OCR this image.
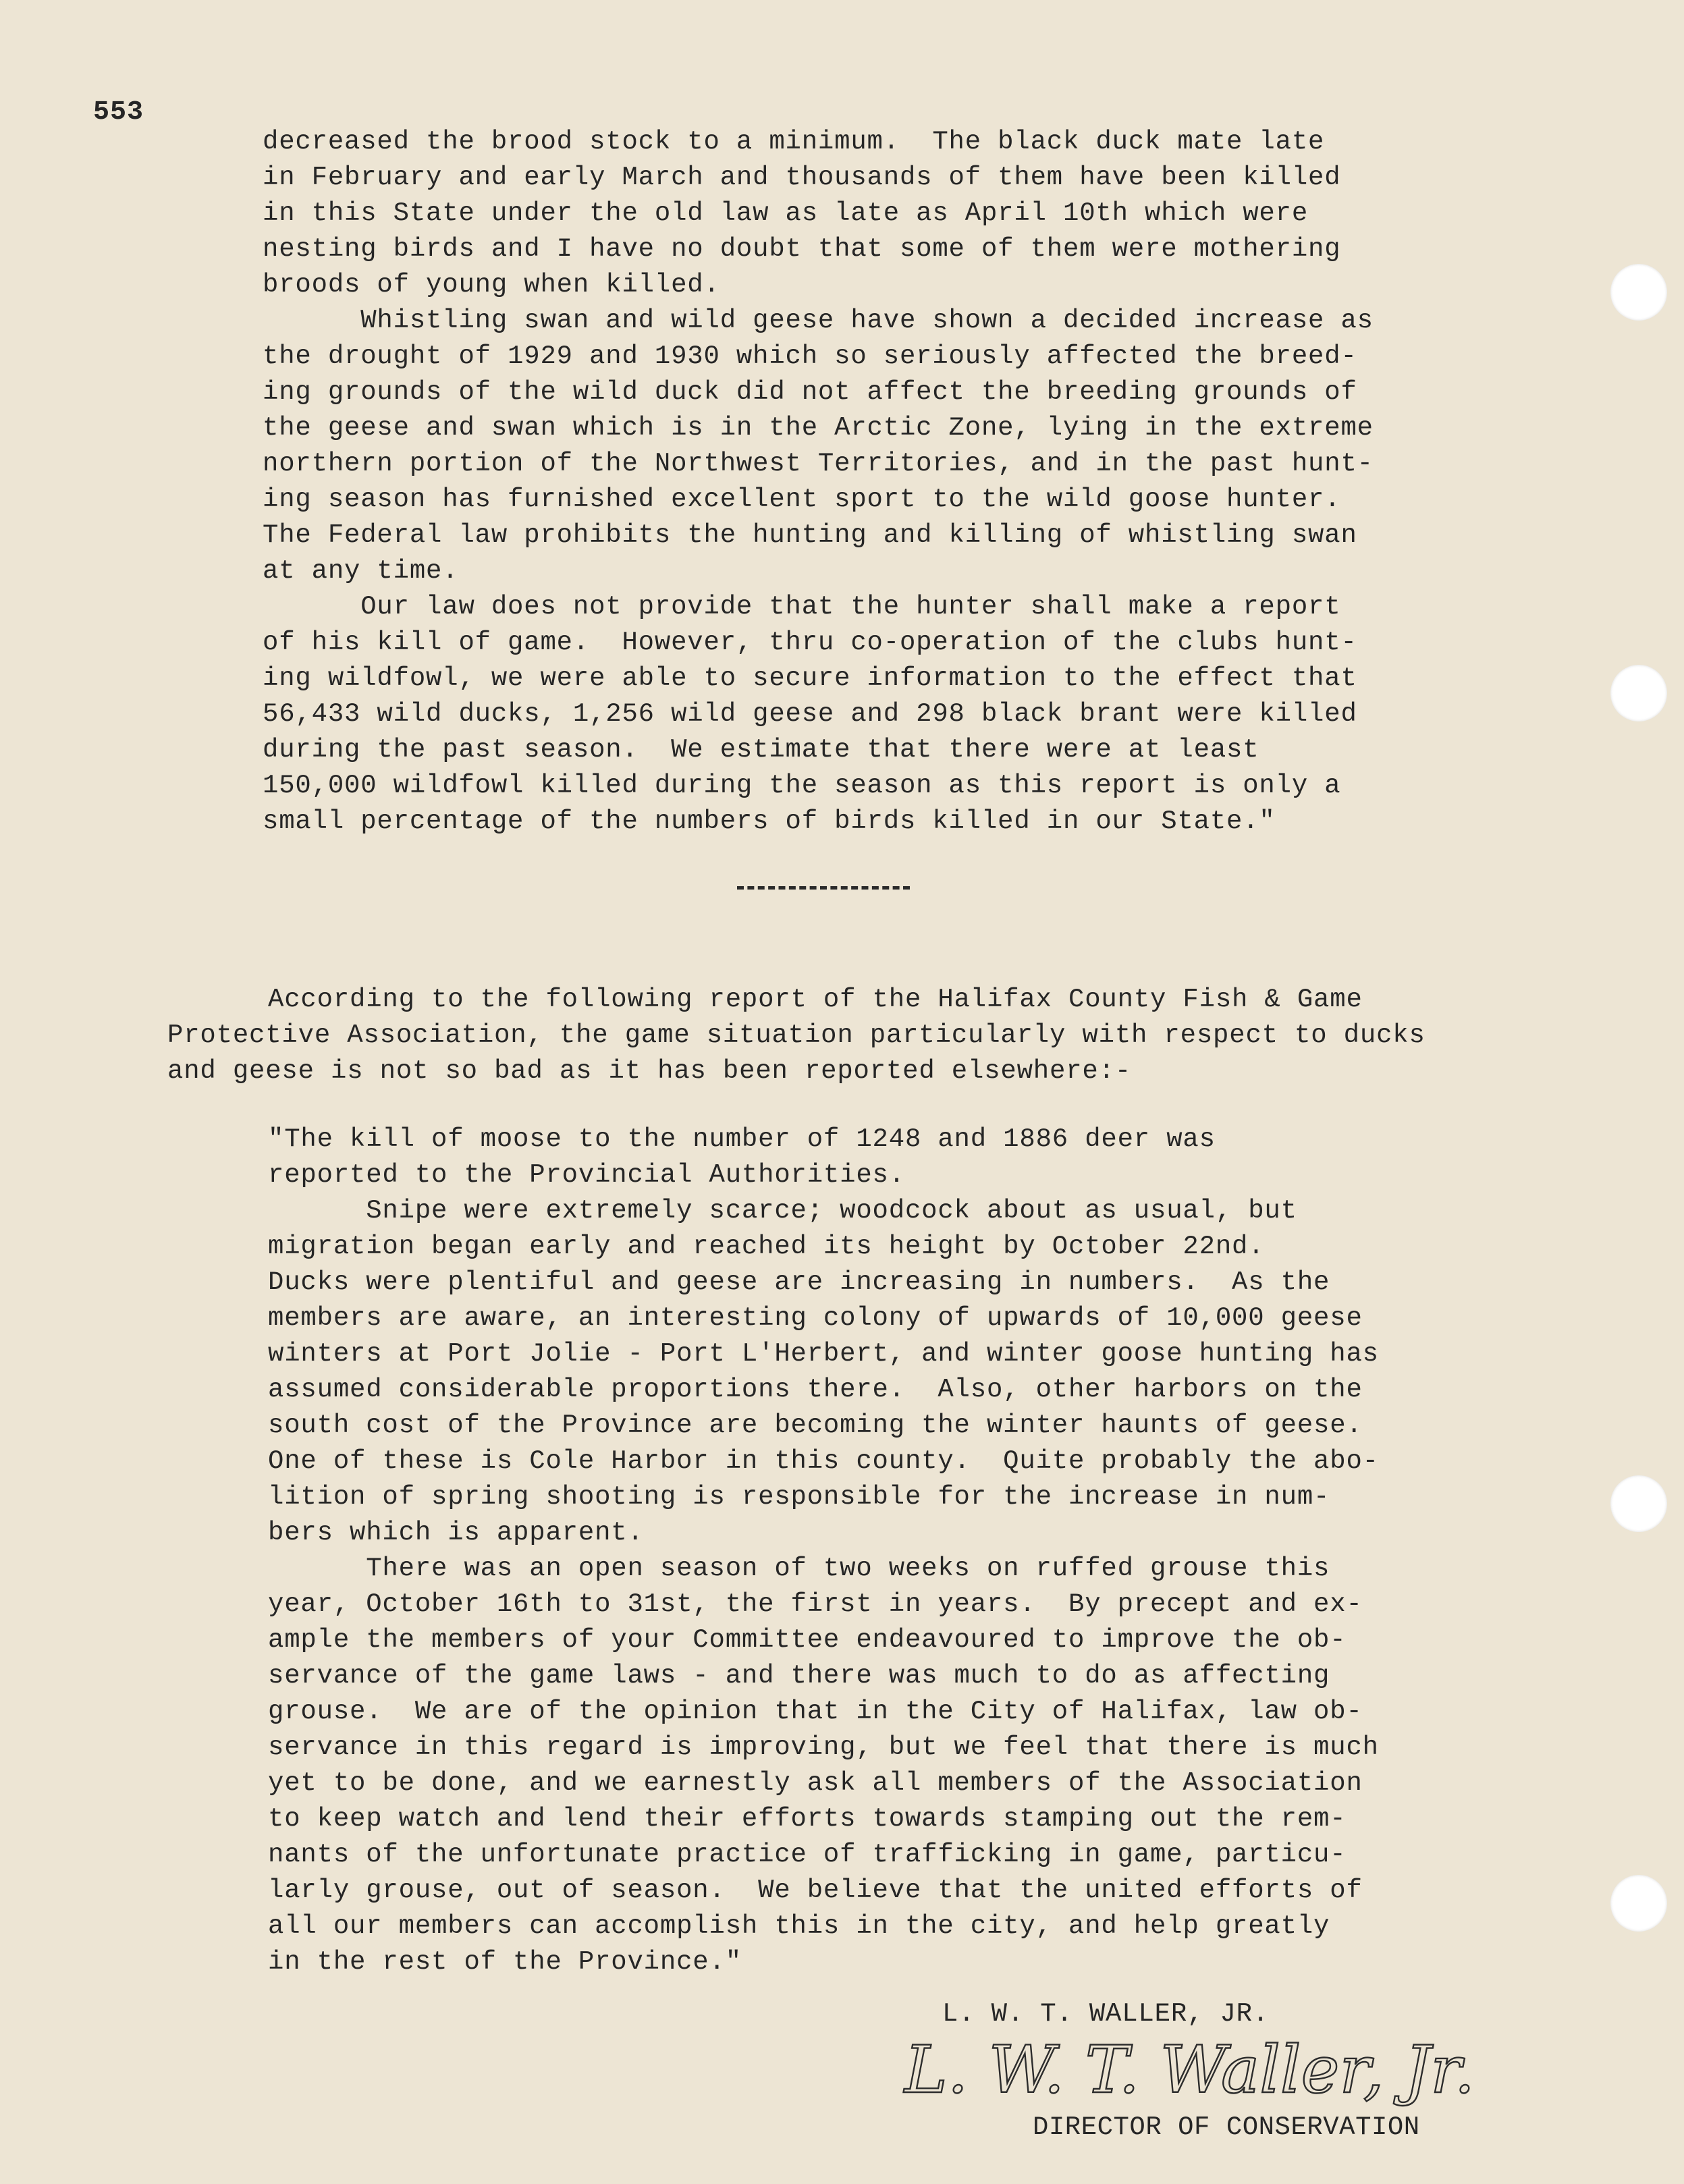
553
decreased the brood stock to a minimum.  The black duck mate late
in February and early March and thousands of them have been killed
in this State under the old law as late as April 10th which were
nesting birds and I have no doubt that some of them were mothering
broods of young when killed.
Whistling swan and wild geese have shown a decided increase as
the drought of 1929 and 1930 which so seriously affected the breed-
ing grounds of the wild duck did not affect the breeding grounds of
the geese and swan which is in the Arctic Zone, lying in the extreme
northern portion of the Northwest Territories, and in the past hunt-
ing season has furnished excellent sport to the wild goose hunter.
The Federal law prohibits the hunting and killing of whistling swan
at any time.
Our law does not provide that the hunter shall make a report
of his kill of game.  However, thru co-operation of the clubs hunt-
ing wildfowl, we were able to secure information to the effect that
56,433 wild ducks, 1,256 wild geese and 298 black brant were killed
during the past season.  We estimate that there were at least
150,000 wildfowl killed during the season as this report is only a
small percentage of the numbers of birds killed in our State."
According to the following report of the Halifax County Fish & Game
Protective Association, the game situation particularly with respect to ducks
and geese is not so bad as it has been reported elsewhere:-
"The kill of moose to the number of 1248 and 1886 deer was
reported to the Provincial Authorities.
Snipe were extremely scarce; woodcock about as usual, but
migration began early and reached its height by October 22nd.
Ducks were plentiful and geese are increasing in numbers.  As the
members are aware, an interesting colony of upwards of 10,000 geese
winters at Port Jolie - Port L'Herbert, and winter goose hunting has
assumed considerable proportions there.  Also, other harbors on the
south cost of the Province are becoming the winter haunts of geese.
One of these is Cole Harbor in this county.  Quite probably the abo-
lition of spring shooting is responsible for the increase in num-
bers which is apparent.
There was an open season of two weeks on ruffed grouse this
year, October 16th to 31st, the first in years.  By precept and ex-
ample the members of your Committee endeavoured to improve the ob-
servance of the game laws - and there was much to do as affecting
grouse.  We are of the opinion that in the City of Halifax, law ob-
servance in this regard is improving, but we feel that there is much
yet to be done, and we earnestly ask all members of the Association
to keep watch and lend their efforts towards stamping out the rem-
nants of the unfortunate practice of trafficking in game, particu-
larly grouse, out of season.  We believe that the united efforts of
all our members can accomplish this in the city, and help greatly
in the rest of the Province."
L. W. T. WALLER, JR.
L. W. T. Waller, Jr.
DIRECTOR OF CONSERVATION
